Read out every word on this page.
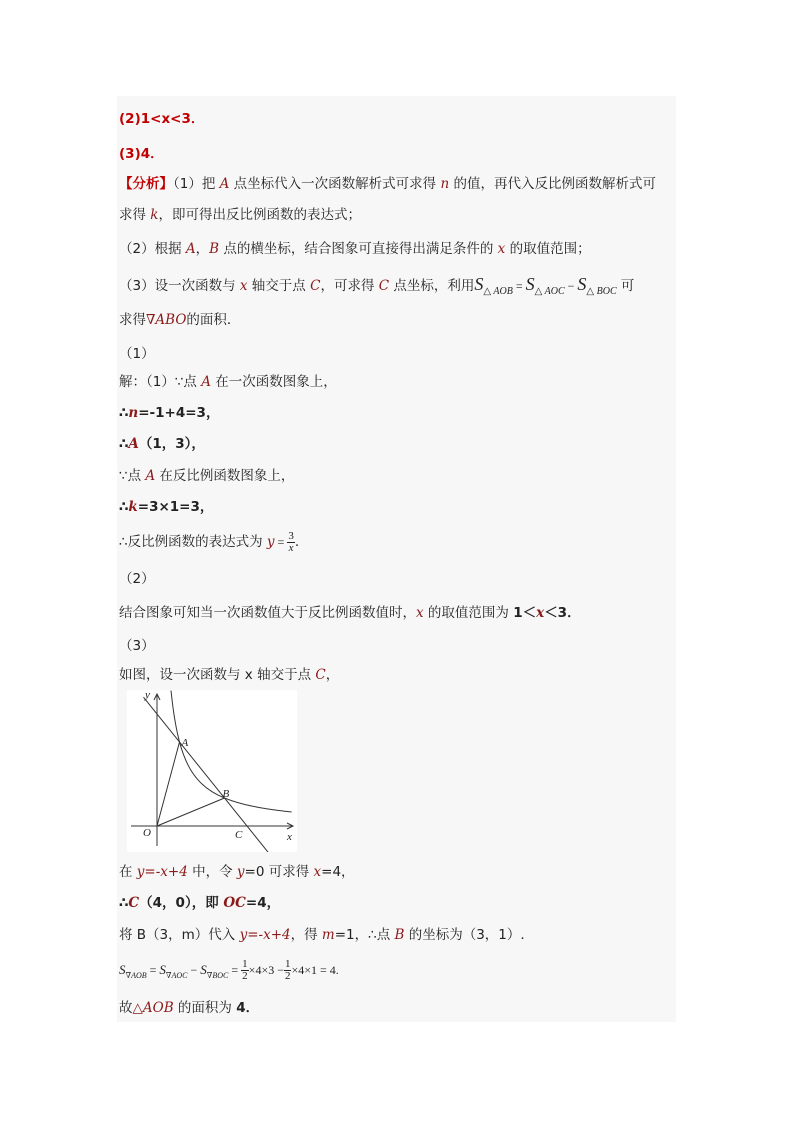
(2)1<x<3．
(3)4．
【分析】（1）把 A 点坐标代入一次函数解析式可求得 n 的值，再代入反比例函数解析式可
求得 k，即可得出反比例函数的表达式；
（2）根据 A，B 点的横坐标，结合图象可直接得出满足条件的 x 的取值范围；
（3）设一次函数与 x 轴交于点 C，可求得 C 点坐标，利用$S_{\triangle AOB} = S_{\triangle AOC} - S_{\triangle BOC}$ 可
求得∇ABO的面积．
（1）
解：（1）∵点 A 在一次函数图象上，
∴n=-1+4=3，
∴A（1，3），
∵点 A 在反比例函数图象上，
∴k=3×1=3，
∴反比例函数的表达式为 $y = \frac{3}{x}$ .
（2）
结合图象可知当一次函数值大于反比例函数值时，x 的取值范围为 1＜x＜3．
（3）
如图，设一次函数与 x 轴交于点 C，
y
x
A
B
O	C
在 y=-x+4 中，令 y=0 可求得 x=4，
∴C（4，0），即 OC=4，
将 B（3，m）代入 y=-x+4，得 m=1，∴点 B 的坐标为（3，1）.
$S_{\nabla AOB} = S_{\nabla AOC} - S_{\nabla BOC} = \frac{1}{2} \times 4\times 3 - \frac{1}{2} \times 4\times 1 = 4$.
故△AOB 的面积为 4．
